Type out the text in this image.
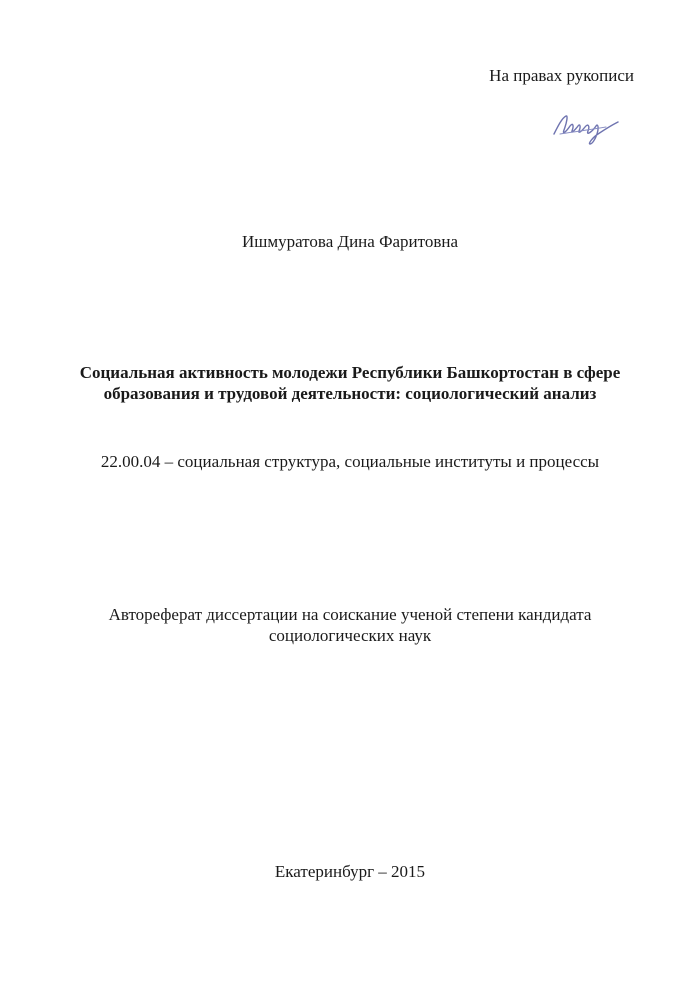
На правах рукописи
Ишмуратова Дина Фаритовна
Социальная активность молодежи Республики Башкортостан в сфере
образования и трудовой деятельности: социологический анализ
22.00.04 – социальная структура, социальные институты и процессы
Автореферат диссертации на соискание ученой степени кандидата
социологических наук
Екатеринбург – 2015
